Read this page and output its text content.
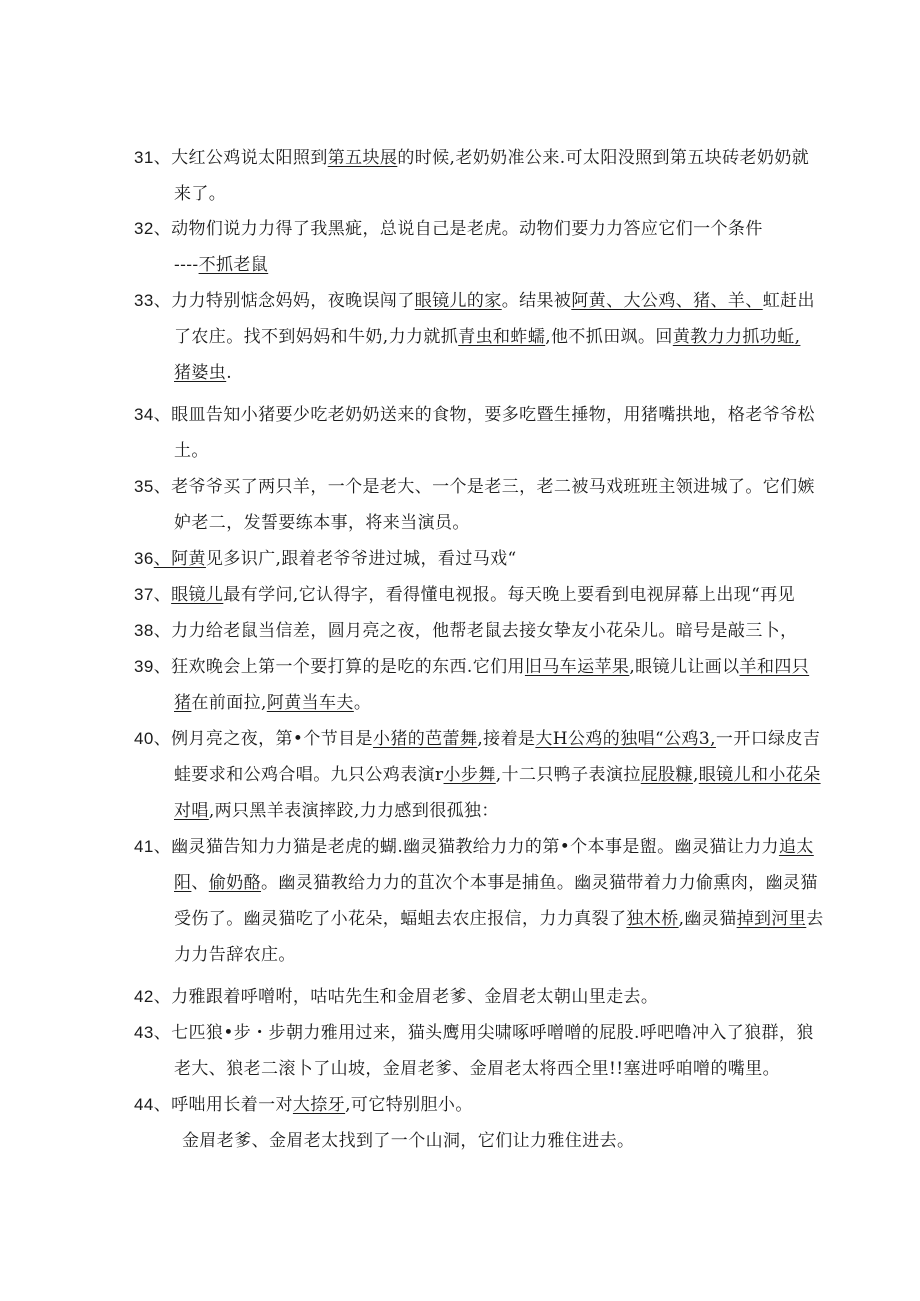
31、大红公鸡说太阳照到第五块展的时候,老奶奶准公来.可太阳没照到第五块砖老奶奶就
来了。
32、动物们说力力得了我黑疵，总说自己是老虎。动物们要力力答应它们一个条件
----不抓老鼠
33、力力特别惦念妈妈，夜晚误闯了眼镜儿的家。结果被阿黄、大公鸡、猪、羊、虹赶出
了农庄。找不到妈妈和牛奶,力力就抓青虫和蚱蠕,他不抓田飒。回黄教力力抓功蚯,
猪婆虫.
34、眼皿告知小猪要少吃老奶奶送来的食物，要多吃暨生捶物，用猪嘴拱地，格老爷爷松
土。
35、老爷爷买了两只羊，一个是老大、一个是老三，老二被马戏班班主领进城了。它们嫉
妒老二，发誓要练本事，将来当演员。
36、阿黄见多识广,跟着老爷爷进过城，看过马戏“
37、眼镜儿最有学问,它认得字，看得懂电视报。每天晚上要看到电视屏幕上出现“再见
38、力力给老鼠当信差，圆月亮之夜，他帮老鼠去接女挚友小花朵儿。暗号是敲三卜，
39、狂欢晚会上第一个要打算的是吃的东西.它们用旧马车运苹果,眼镜儿让画以羊和四只
猪在前面拉,阿黄当车夫。
40、例月亮之夜，第•个节目是小猪的芭蕾舞,接着是大H公鸡的独唱“公鸡3,一开口绿皮吉
蛙要求和公鸡合唱。九只公鸡表演r小步舞,十二只鸭子表演拉屁股糠,眼镜儿和小花朵
对唱,两只黑羊表演摔跤,力力感到很孤独：
41、幽灵猫告知力力猫是老虎的蝴.幽灵猫教给力力的第•个本事是盥。幽灵猫让力力追太
阳、偷奶酪。幽灵猫教给力力的苴次个本事是捕鱼。幽灵猫带着力力偷熏肉，幽灵猫
受伤了。幽灵猫吃了小花朵，蝠蛆去农庄报信，力力真裂了独木桥,幽灵猫掉到河里去
力力告辞农庄。
42、力雅跟着呼噌咐，咕咕先生和金眉老爹、金眉老太朝山里走去。
43、七匹狼•步・步朝力雅用过来，猫头鹰用尖啸啄呼噌噌的屁股.呼吧噜冲入了狼群，狼
老大、狼老二滚卜了山坡，金眉老爹、金眉老太将西仝里!!塞进呼咱噌的嘴里。
44、呼咄用长着一对大捺牙,可它特别胆小。
金眉老爹、金眉老太找到了一个山洞，它们让力雅住进去。
